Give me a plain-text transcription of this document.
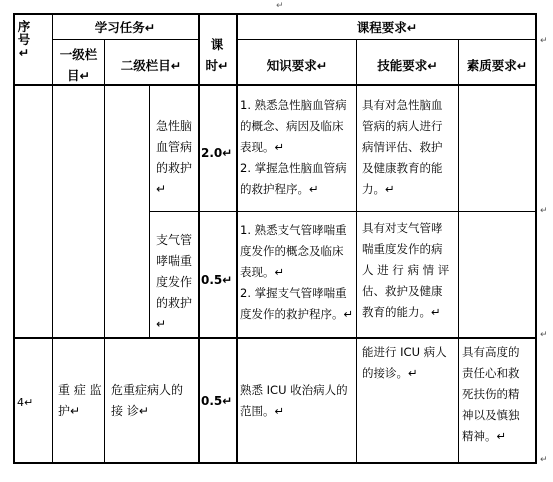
↵
序号↵
学习任务↵
一级栏
目↵
二级栏目↵
课
时↵
课程要求↵
知识要求↵	技能要求↵	素质要求↵
急性脑
血管病
的救护↵
2.0↵
1. 熟悉急性脑血管病
的概念、病因及临床
表现。↵
2. 掌握急性脑血管病
的救护程序。↵
具有对急性脑血
管病的病人进行
病情评估、救护
及健康教育的能
力。↵
支气管
哮喘重
度发作
的救护↵
0.5↵
1. 熟悉支气管哮喘重
度发作的概念及临床
表现。↵
2. 掌握支气管哮喘重
度发作的救护程序。↵
具有对支气管哮
喘重度发作的病
人 进 行 病 情 评
估、救护及健康
教育的能力。↵
4↵
重 症 监
护↵
危重症病人的
接 诊↵
0.5↵
熟悉 ICU 收治病人的
范围。↵
能进行 ICU 病人
的接诊。↵
具有高度的
责任心和救
死扶伤的精
神以及慎独
精神。↵
↵
↵
↵
↵
